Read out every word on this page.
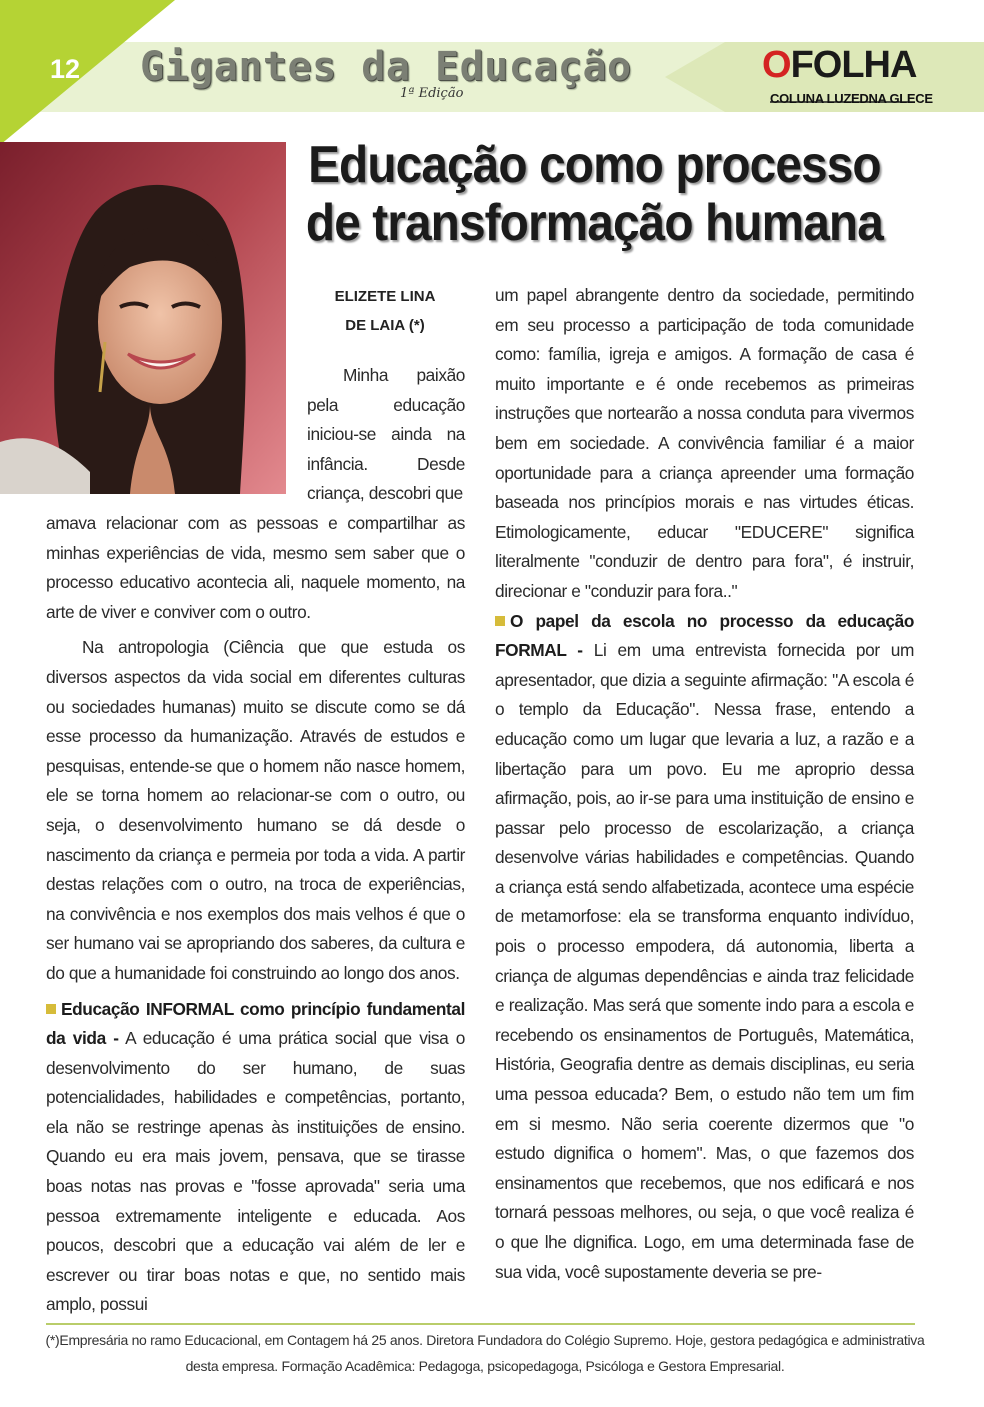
12 Gigantes da Educação
1ª Edição
OFOLHA
COLUNA LUZEDNA GLECE
Educação como processo
de transformação humana
ELIZETE LINA
DE LAIA (*)

Minha paixão pela educação iniciou-se ainda na infância. Desde criança, descobri que

amava relacionar com as pessoas e compartilhar as minhas experiências de vida, mesmo sem saber que o processo educativo acontecia ali, naquele momento, na arte de viver e conviver com o outro.

Na antropologia (Ciência que que estuda os diversos aspectos da vida social em diferentes culturas ou sociedades humanas) muito se discute como se dá esse processo da humanização. Através de estudos e pesquisas, entende-se que o homem não nasce homem, ele se torna homem ao relacionar-se com o outro, ou seja, o desenvolvimento humano se dá desde o nascimento da criança e permeia por toda a vida. A partir destas relações com o outro, na troca de experiências, na convivência e nos exemplos dos mais velhos é que o ser humano vai se apropriando dos saberes, da cultura e do que a humanidade foi construindo ao longo dos anos.

Educação INFORMAL como princípio fundamental da vida - A educação é uma prática social que visa o desenvolvimento do ser humano, de suas potencialidades, habilidades e competências, portanto, ela não se restringe apenas às instituições de ensino. Quando eu era mais jovem, pensava, que se tirasse boas notas nas provas e "fosse aprovada" seria uma pessoa extremamente inteligente e educada. Aos poucos, descobri que a educação vai além de ler e escrever ou tirar boas notas e que, no sentido mais amplo, possui

um papel abrangente dentro da sociedade, permitindo em seu processo a participação de toda comunidade como: família, igreja e amigos. A formação de casa é muito importante e é onde recebemos as primeiras instruções que nortearão a nossa conduta para vivermos bem em sociedade. A convivência familiar é a maior oportunidade para a criança apreender uma formação baseada nos princípios morais e nas virtudes éticas. Etimologicamente, educar "EDUCERE" significa literalmente "conduzir de dentro para fora", é instruir, direcionar e "conduzir para fora.."

O papel da escola no processo da educação FORMAL - Li em uma entrevista fornecida por um apresentador, que dizia a seguinte afirmação: "A escola é o templo da Educação". Nessa frase, entendo a educação como um lugar que levaria a luz, a razão e a libertação para um povo. Eu me aproprio dessa afirmação, pois, ao ir-se para uma instituição de ensino e passar pelo processo de escolarização, a criança desenvolve várias habilidades e competências. Quando a criança está sendo alfabetizada, acontece uma espécie de metamorfose: ela se transforma enquanto indivíduo, pois o processo empodera, dá autonomia, liberta a criança de algumas dependências e ainda traz felicidade e realização. Mas será que somente indo para a escola e recebendo os ensinamentos de Português, Matemática, História, Geografia dentre as demais disciplinas, eu seria uma pessoa educada? Bem, o estudo não tem um fim em si mesmo. Não seria coerente dizermos que "o estudo dignifica o homem". Mas, o que fazemos dos ensinamentos que recebemos, que nos edificará e nos tornará pessoas melhores, ou seja, o que você realiza é o que lhe dignifica. Logo, em uma determinada fase de sua vida, você supostamente deveria se pre-

(*)Empresária no ramo Educacional, em Contagem há 25 anos. Diretora Fundadora do Colégio Supremo. Hoje, gestora pedagógica e administrativa
desta empresa. Formação Acadêmica: Pedagoga, psicopedagoga, Psicóloga e Gestora Empresarial.
